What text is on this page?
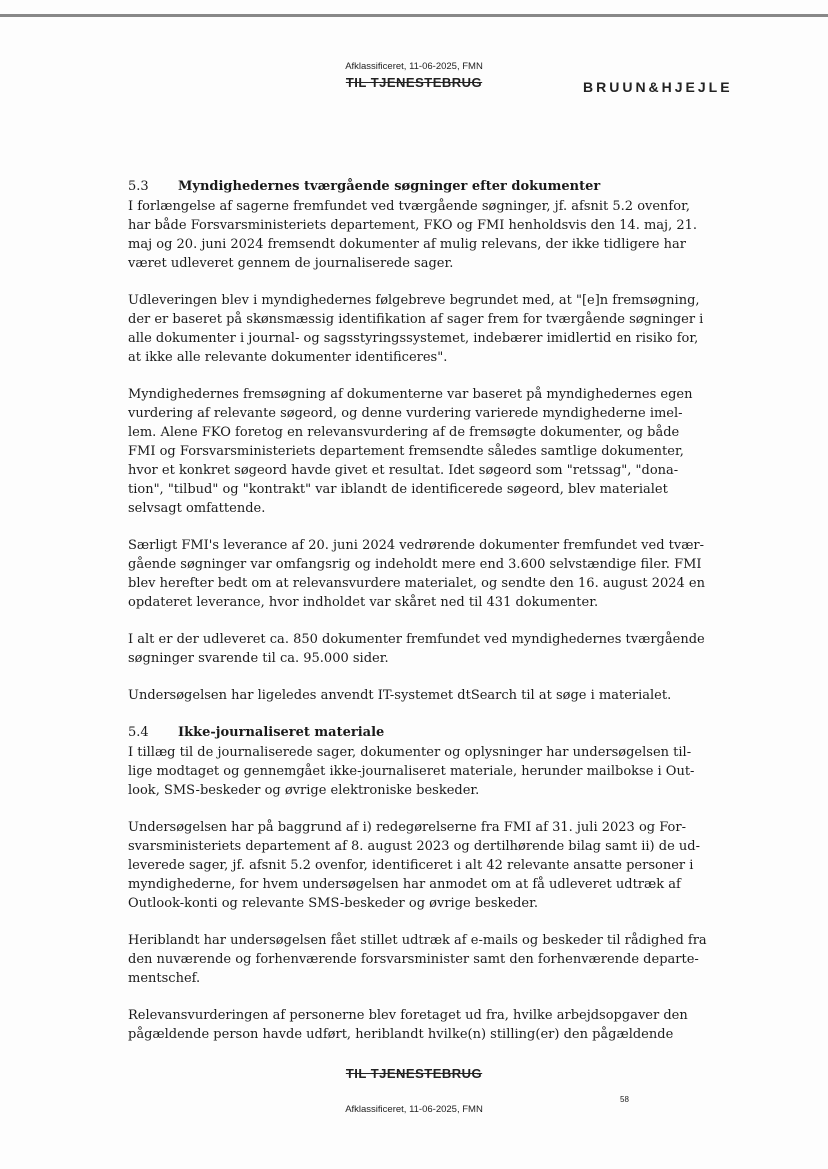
Afklassificeret, 11-06-2025, FMN
TIL TJENESTEBRUG	BRUUN&HJEJLE
5.3	Myndighedernes tværgående søgninger efter dokumenter
I forlængelse af sagerne fremfundet ved tværgående søgninger, jf. afsnit 5.2 ovenfor,
har både Forsvarsministeriets departement, FKO og FMI henholdsvis den 14. maj, 21.
maj og 20. juni 2024 fremsendt dokumenter af mulig relevans, der ikke tidligere har
været udleveret gennem de journaliserede sager.
Udleveringen blev i myndighedernes følgebreve begrundet med, at "[e]n fremsøgning,
der er baseret på skønsmæssig identifikation af sager frem for tværgående søgninger i
alle dokumenter i journal- og sagsstyringssystemet, indebærer imidlertid en risiko for,
at ikke alle relevante dokumenter identificeres".
Myndighedernes fremsøgning af dokumenterne var baseret på myndighedernes egen
vurdering af relevante søgeord, og denne vurdering varierede myndighederne imel-
lem. Alene FKO foretog en relevansvurdering af de fremsøgte dokumenter, og både
FMI og Forsvarsministeriets departement fremsendte således samtlige dokumenter,
hvor et konkret søgeord havde givet et resultat. Idet søgeord som "retssag", "dona-
tion", "tilbud" og "kontrakt" var iblandt de identificerede søgeord, blev materialet
selvsagt omfattende.
Særligt FMI's leverance af 20. juni 2024 vedrørende dokumenter fremfundet ved tvær-
gående søgninger var omfangsrig og indeholdt mere end 3.600 selvstændige filer. FMI
blev herefter bedt om at relevansvurdere materialet, og sendte den 16. august 2024 en
opdateret leverance, hvor indholdet var skåret ned til 431 dokumenter.
I alt er der udleveret ca. 850 dokumenter fremfundet ved myndighedernes tværgående
søgninger svarende til ca. 95.000 sider.
Undersøgelsen har ligeledes anvendt IT-systemet dtSearch til at søge i materialet.
5.4	Ikke-journaliseret materiale
I tillæg til de journaliserede sager, dokumenter og oplysninger har undersøgelsen til-
lige modtaget og gennemgået ikke-journaliseret materiale, herunder mailbokse i Out-
look, SMS-beskeder og øvrige elektroniske beskeder.
Undersøgelsen har på baggrund af i) redegørelserne fra FMI af 31. juli 2023 og For-
svarsministeriets departement af 8. august 2023 og dertilhørende bilag samt ii) de ud-
leverede sager, jf. afsnit 5.2 ovenfor, identificeret i alt 42 relevante ansatte personer i
myndighederne, for hvem undersøgelsen har anmodet om at få udleveret udtræk af
Outlook-konti og relevante SMS-beskeder og øvrige beskeder.
Heriblandt har undersøgelsen fået stillet udtræk af e-mails og beskeder til rådighed fra
den nuværende og forhenværende forsvarsminister samt den forhenværende departe-
mentschef.
Relevansvurderingen af personerne blev foretaget ud fra, hvilke arbejdsopgaver den
pågældende person havde udført, heriblandt hvilke(n) stilling(er) den pågældende
TIL TJENESTEBRUG
58
Afklassificeret, 11-06-2025, FMN
